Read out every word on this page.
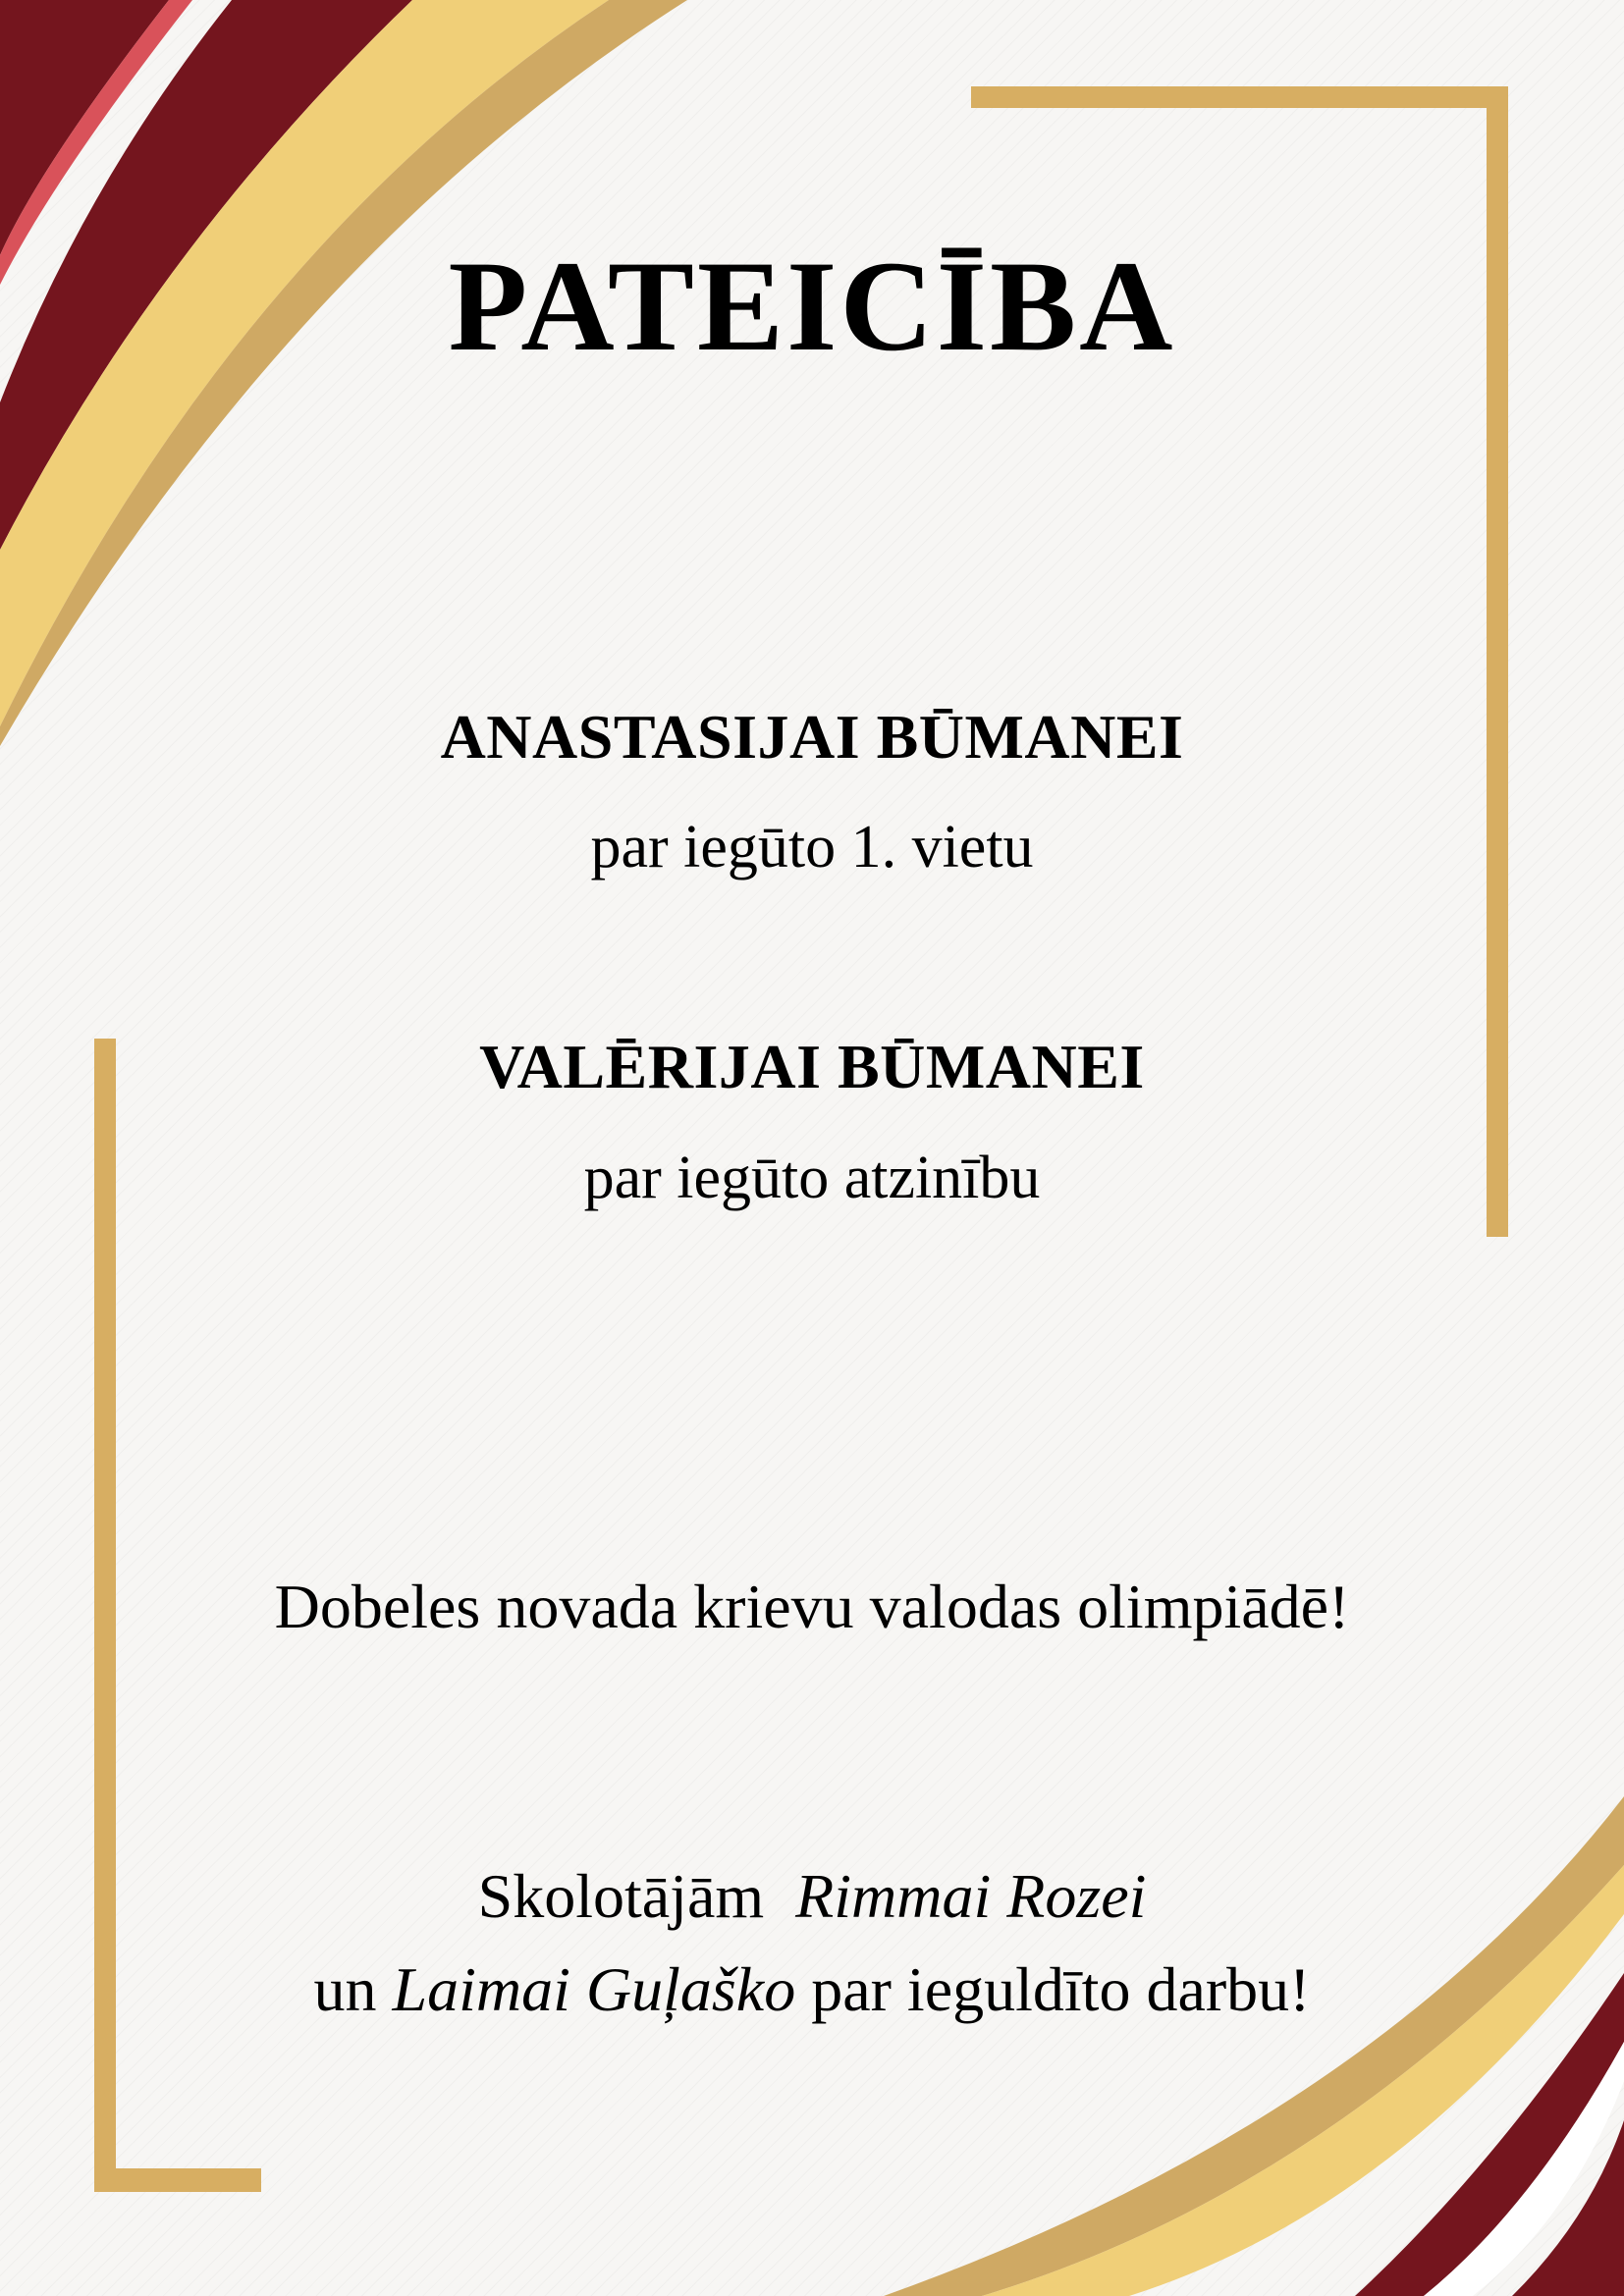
PATEICĪBA
ANASTASIJAI BŪMANEI
par iegūto 1. vietu
VALĒRIJAI BŪMANEI
par iegūto atzinību
Dobeles novada krievu valodas olimpiādē!
Skolotājām Rimmai Rozei
un Laimai Guļaško par ieguldīto darbu!
